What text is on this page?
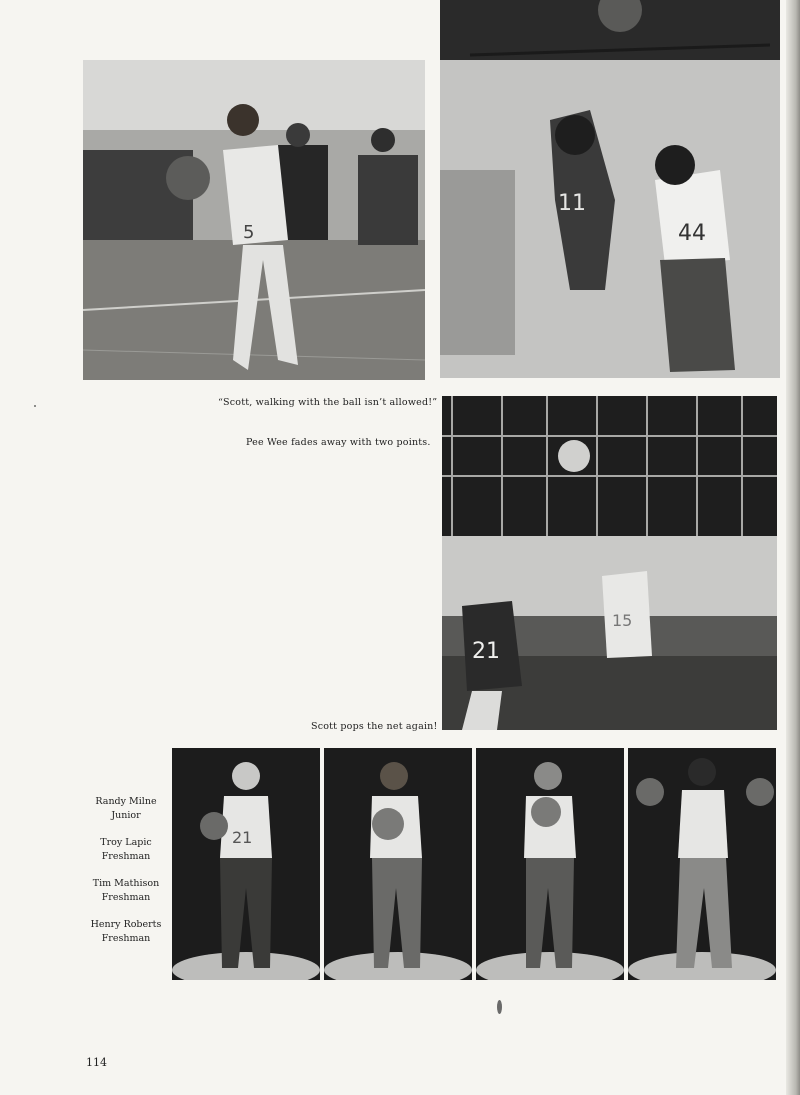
5
11
44
“Scott, walking with the ball isn’t allowed!”
Pee Wee fades away with two points.
21
15
Scott pops the net again!
Randy Milne
Junior
Troy Lapic
Freshman
Tim Mathison
Freshman
Henry Roberts
Freshman
21
114
